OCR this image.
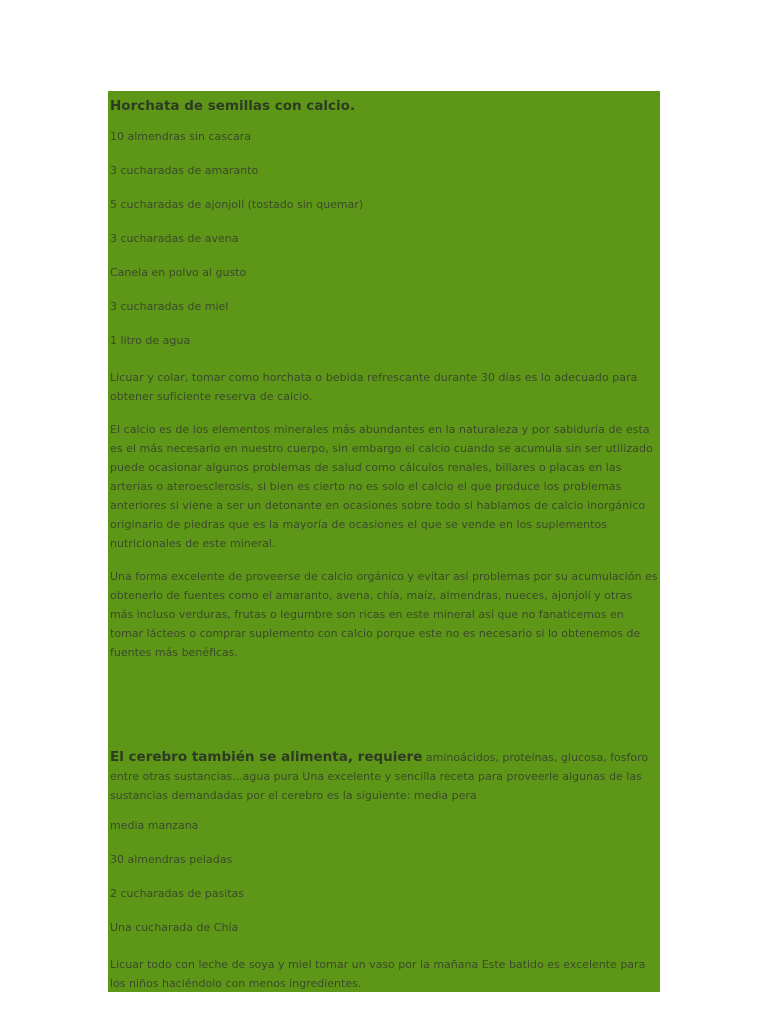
Horchata de semillas con calcio.
10 almendras sin cascara
3 cucharadas de amaranto
5 cucharadas de ajonjolí (tostado sin quemar)
3 cucharadas de avena
Canela en polvo al gusto
3 cucharadas de miel
1 litro de agua
Licuar y colar, tomar como horchata o bebida refrescante durante 30 días es lo adecuado para obtener suficiente reserva de calcio.
El calcio es de los elementos minerales más abundantes en la naturaleza y por sabiduría de esta es el más necesario en nuestro cuerpo, sin embargo el calcio cuando se acumula sin ser utilizado puede ocasionar algunos problemas de salud como cálculos renales, biliares o placas en las arterias o ateroesclerosis, si bien es cierto no es solo el calcio el que produce los problemas anteriores si viene a ser un detonante en ocasiones sobre todo si hablamos de calcio inorgánico originario de piedras que es la mayoría de ocasiones el que se vende en los suplementos nutricionales de este mineral.
Una forma excelente de proveerse de calcio orgánico y evitar así problemas por su acumulación es obtenerlo de fuentes como el amaranto, avena, chía, maíz, almendras, nueces, ajonjolí y otras más incluso verduras, frutas o legumbre son ricas en este mineral así que no fanaticemos en tomar lácteos o comprar suplemento con calcio porque este no es necesario si lo obtenemos de fuentes más benéficas.
El cerebro también se alimenta, requiere aminoácidos, proteínas, glucosa, fosforo entre otras sustancias...agua pura Una excelente y sencilla receta para proveerle algunas de las sustancias demandadas por el cerebro es la siguiente: media pera
media manzana
30 almendras peladas
2 cucharadas de pasitas
Una cucharada de Chía
Licuar todo con leche de soya y miel tomar un vaso por la mañana Este batido es excelente para los niños haciéndolo con menos ingredientes.
